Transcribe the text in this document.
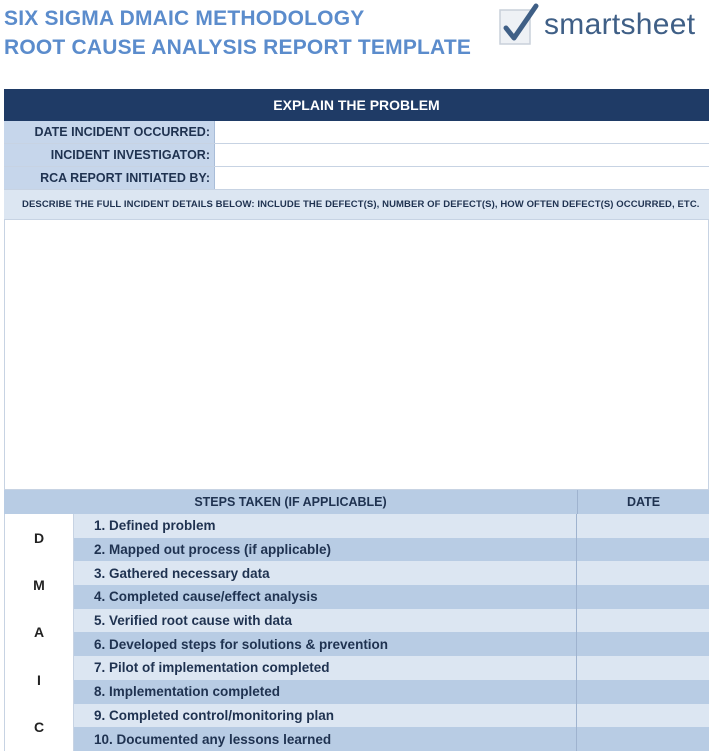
SIX SIGMA DMAIC METHODOLOGY
ROOT CAUSE ANALYSIS REPORT TEMPLATE
smartsheet
EXPLAIN THE PROBLEM
DATE INCIDENT OCCURRED:
INCIDENT INVESTIGATOR:
RCA REPORT INITIATED BY:
DESCRIBE THE FULL INCIDENT DETAILS BELOW: INCLUDE THE DEFECT(S), NUMBER OF DEFECT(S), HOW OFTEN DEFECT(S) OCCURRED, ETC.
STEPS TAKEN (IF APPLICABLE)	DATE
D
M
A
I
C
1. Defined problem
2. Mapped out process (if applicable)
3. Gathered necessary data
4. Completed cause/effect analysis
5. Verified root cause with data
6. Developed steps for solutions & prevention
7. Pilot of implementation completed
8. Implementation completed
9. Completed control/monitoring plan
10. Documented any lessons learned
